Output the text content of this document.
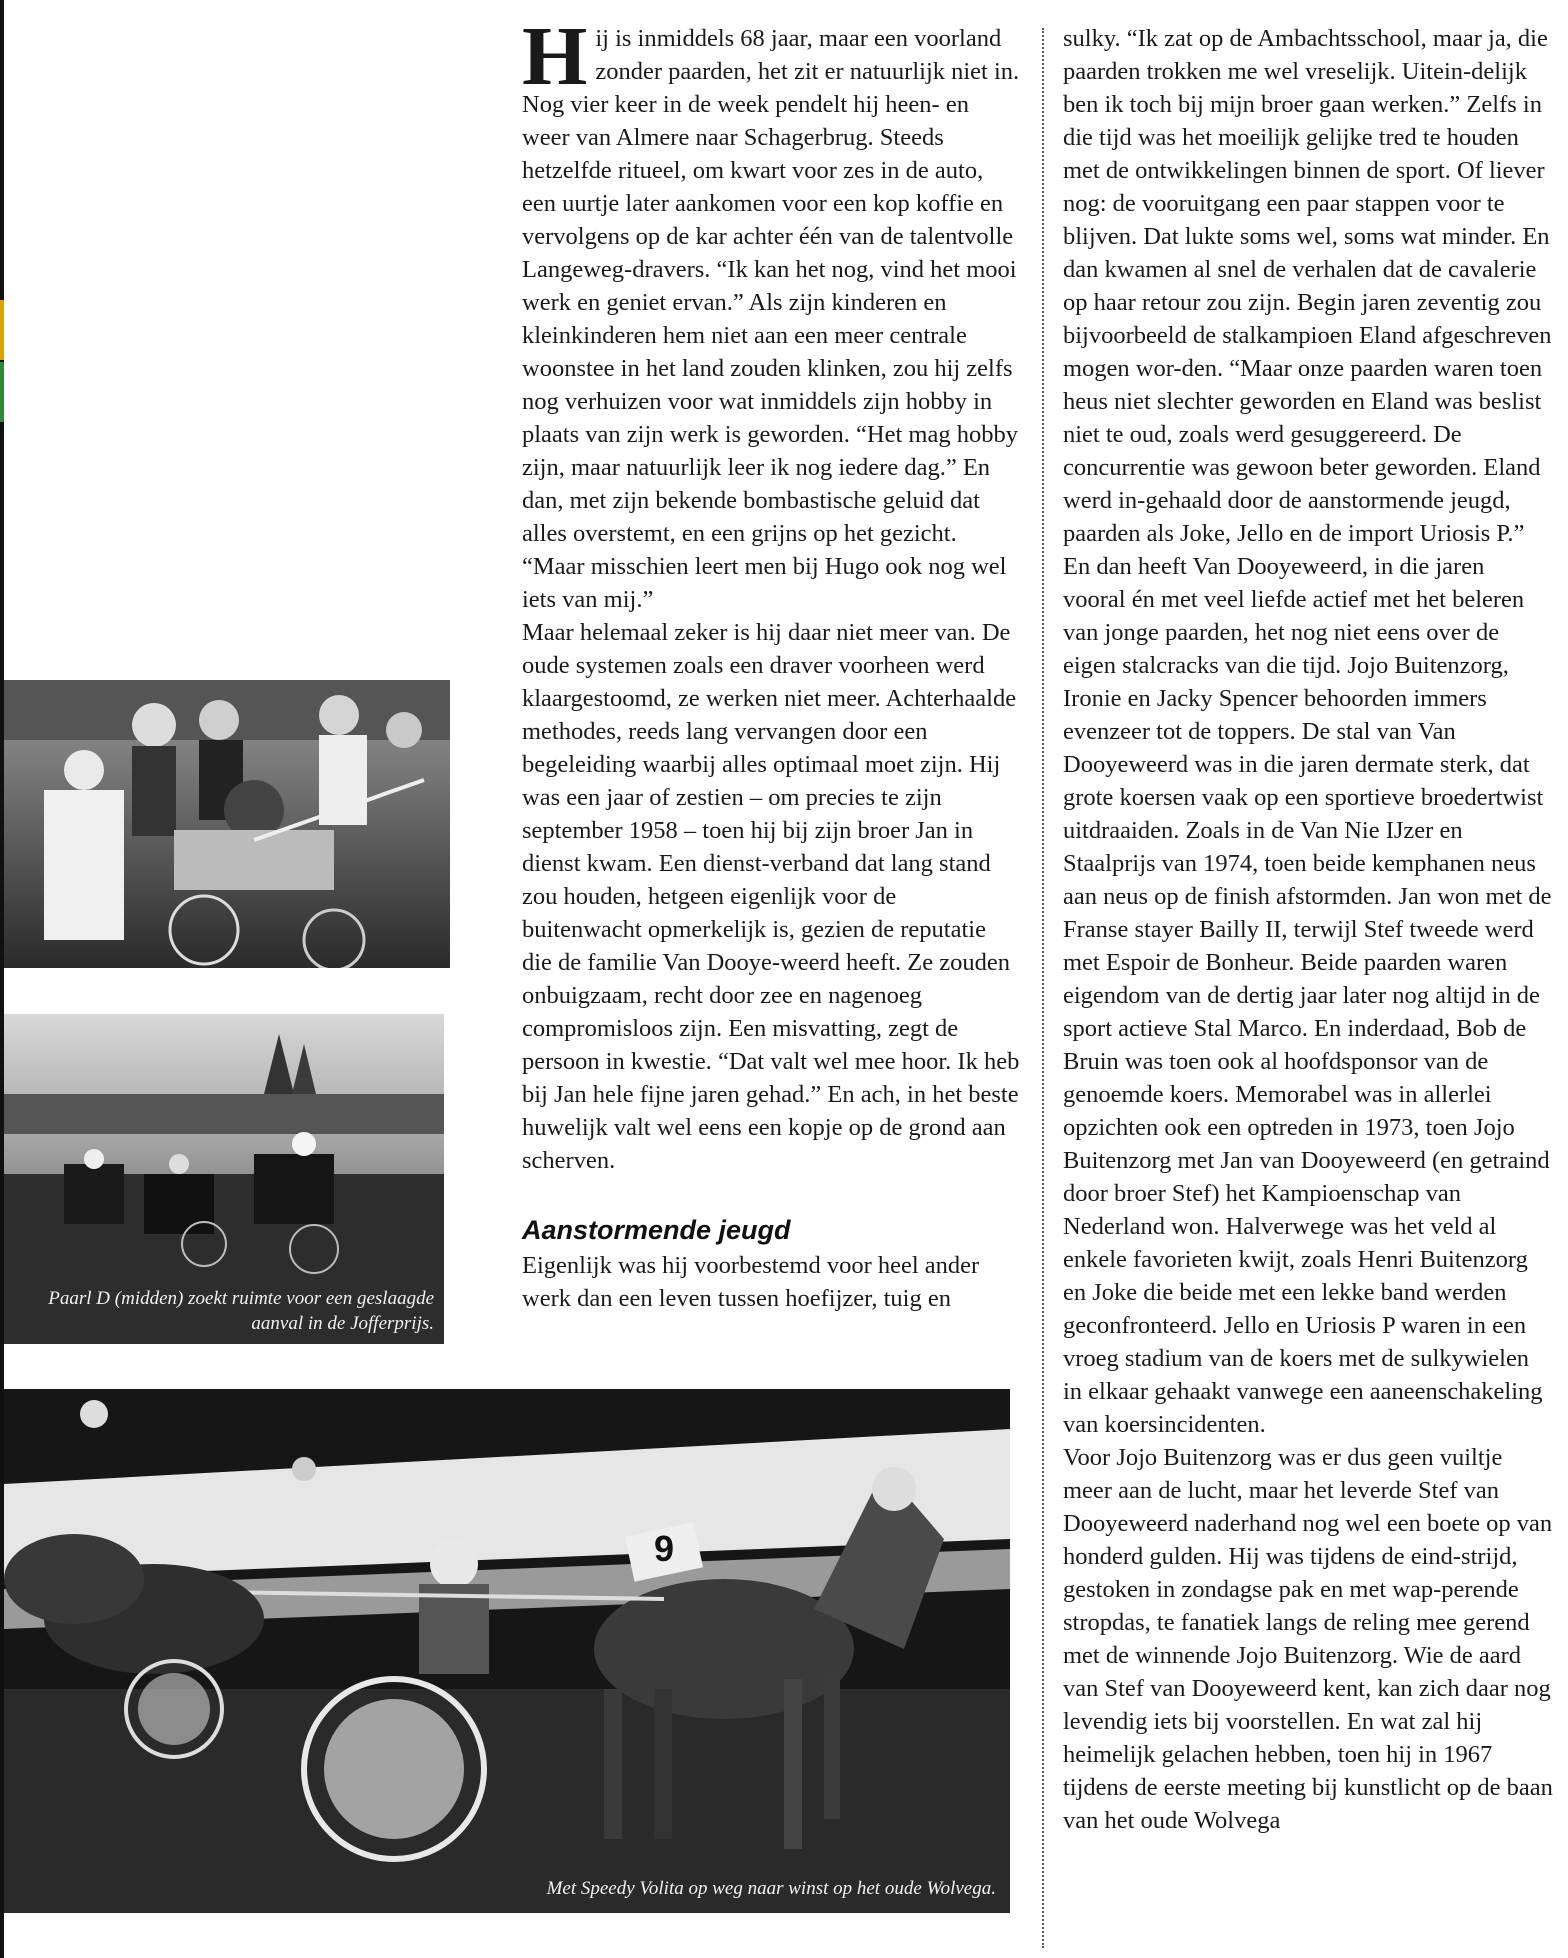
Hij is inmiddels 68 jaar, maar een voorland zonder paarden, het zit er natuurlijk niet in. Nog vier keer in de week pendelt hij heen- en weer van Almere naar Schagerbrug. Steeds hetzelfde ritueel, om kwart voor zes in de auto, een uurtje later aankomen voor een kop koffie en vervolgens op de kar achter één van de talentvolle Langeweg-dravers. “Ik kan het nog, vind het mooi werk en geniet ervan.” Als zijn kinderen en kleinkinderen hem niet aan een meer centrale woonstee in het land zouden klinken, zou hij zelfs nog verhuizen voor wat inmiddels zijn hobby in plaats van zijn werk is geworden. “Het mag hobby zijn, maar natuurlijk leer ik nog iedere dag.” En dan, met zijn bekende bombastische geluid dat alles overstemt, en een grijns op het gezicht. “Maar misschien leert men bij Hugo ook nog wel iets van mij.”

Maar helemaal zeker is hij daar niet meer van. De oude systemen zoals een draver voorheen werd klaargestoomd, ze werken niet meer. Achterhaalde methodes, reeds lang vervangen door een begeleiding waarbij alles optimaal moet zijn. Hij was een jaar of zestien – om precies te zijn september 1958 – toen hij bij zijn broer Jan in dienst kwam. Een dienst-verband dat lang stand zou houden, hetgeen eigenlijk voor de buitenwacht opmerkelijk is, gezien de reputatie die de familie Van Dooye-weerd heeft. Ze zouden onbuigzaam, recht door zee en nagenoeg compromisloos zijn. Een misvatting, zegt de persoon in kwestie. “Dat valt wel mee hoor. Ik heb bij Jan hele fijne jaren gehad.” En ach, in het beste huwelijk valt wel eens een kopje op de grond aan scherven.

Aanstormende jeugd

Eigenlijk was hij voorbestemd voor heel ander werk dan een leven tussen hoefijzer, tuig en

sulky. “Ik zat op de Ambachtsschool, maar ja, die paarden trokken me wel vreselijk. Uitein-delijk ben ik toch bij mijn broer gaan werken.” Zelfs in die tijd was het moeilijk gelijke tred te houden met de ontwikkelingen binnen de sport. Of liever nog: de vooruitgang een paar stappen voor te blijven. Dat lukte soms wel, soms wat minder. En dan kwamen al snel de verhalen dat de cavalerie op haar retour zou zijn. Begin jaren zeventig zou bijvoorbeeld de stalkampioen Eland afgeschreven mogen wor-den. “Maar onze paarden waren toen heus niet slechter geworden en Eland was beslist niet te oud, zoals werd gesuggereerd. De concurrentie was gewoon beter geworden. Eland werd in-gehaald door de aanstormende jeugd, paarden als Joke, Jello en de import Uriosis P.” En dan heeft Van Dooyeweerd, in die jaren vooral én met veel liefde actief met het beleren van jonge paarden, het nog niet eens over de eigen stalcracks van die tijd. Jojo Buitenzorg, Ironie en Jacky Spencer behoorden immers evenzeer tot de toppers. De stal van Van Dooyeweerd was in die jaren dermate sterk, dat grote koersen vaak op een sportieve broedertwist uitdraaiden. Zoals in de Van Nie IJzer en Staalprijs van 1974, toen beide kemphanen neus aan neus op de finish afstormden. Jan won met de Franse stayer Bailly II, terwijl Stef tweede werd met Espoir de Bonheur. Beide paarden waren eigendom van de dertig jaar later nog altijd in de sport actieve Stal Marco. En inderdaad, Bob de Bruin was toen ook al hoofdsponsor van de genoemde koers. Memorabel was in allerlei opzichten ook een optreden in 1973, toen Jojo Buitenzorg met Jan van Dooyeweerd (en getraind door broer Stef) het Kampioenschap van Nederland won. Halverwege was het veld al enkele favorieten kwijt, zoals Henri Buitenzorg en Joke die beide met een lekke band werden geconfronteerd. Jello en Uriosis P waren in een vroeg stadium van de koers met de sulkywielen in elkaar gehaakt vanwege een aaneenschakeling van koersincidenten.

Voor Jojo Buitenzorg was er dus geen vuiltje meer aan de lucht, maar het leverde Stef van Dooyeweerd naderhand nog wel een boete op van honderd gulden. Hij was tijdens de eind-strijd, gestoken in zondagse pak en met wap-perende stropdas, te fanatiek langs de reling mee gerend met de winnende Jojo Buitenzorg. Wie de aard van Stef van Dooyeweerd kent, kan zich daar nog levendig iets bij voorstellen. En wat zal hij heimelijk gelachen hebben, toen hij in 1967 tijdens de eerste meeting bij kunstlicht op de baan van het oude Wolvega

Paarl D (midden) zoekt ruimte voor een geslaagde aanval in de Jofferprijs.
9
Met Speedy Volita op weg naar winst op het oude Wolvega.
